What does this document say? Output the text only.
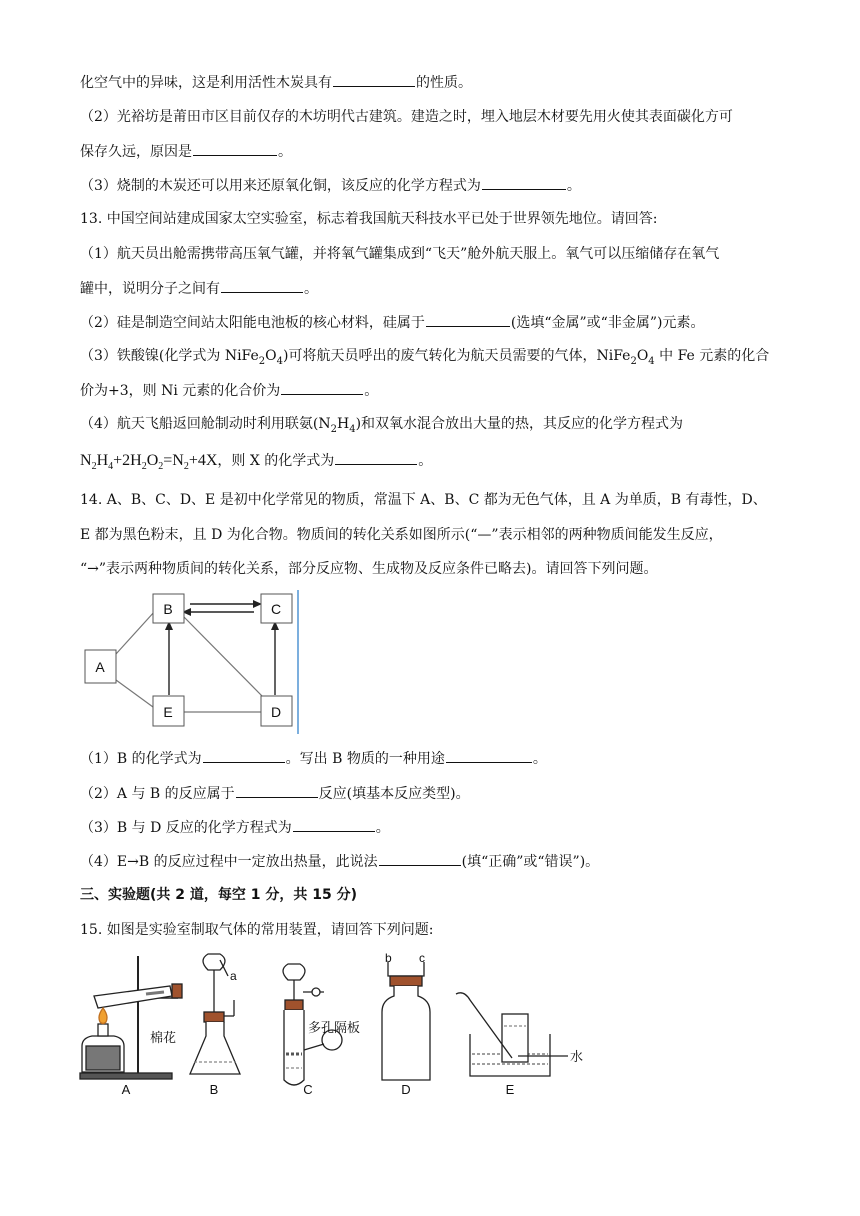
化空气中的异味，这是利用活性木炭具有	的性质。
（2）光裕坊是莆田市区目前仅存的木坊明代古建筑。建造之时，埋入地层木材要先用火使其表面碳化方可
保存久远，原因是	。
（3）烧制的木炭还可以用来还原氧化铜，该反应的化学方程式为	。
13. 中国空间站建成国家太空实验室，标志着我国航天科技水平已处于世界领先地位。请回答:
（1）航天员出舱需携带高压氧气罐，并将氧气罐集成到“飞天”舱外航天服上。氧气可以压缩储存在氧气
罐中，说明分子之间有	。
（2）硅是制造空间站太阳能电池板的核心材料，硅属于	(选填“金属”或“非金属”)元素。
（3）铁酸镍(化学式为 $NiFe_2O_4$)可将航天员呼出的废气转化为航天员需要的气体，$NiFe_2O_4$ 中 Fe 元素的化合
价为+3，则 Ni 元素的化合价为	。
（4）航天飞船返回舱制动时利用联氨$(N_2H_4)$和双氧水混合放出大量的热，其反应的化学方程式为
$N_2H_4+2H_2O_2=N_2+4X$，则 X 的化学式为	。
14. A、B、C、D、E 是初中化学常见的物质，常温下 A、B、C 都为无色气体，且 A 为单质，B 有毒性，D、
E 都为黑色粉末，且 D 为化合物。物质间的转化关系如图所示(“—”表示相邻的两种物质间能发生反应，
“→”表示两种物质间的转化关系，部分反应物、生成物及反应条件已略去)。请回答下列问题。
B	C
A
E	D
（1）B 的化学式为	。写出 B 物质的一种用途	。
（2）A 与 B 的反应属于	反应(填基本反应类型)。
（3）B 与 D 反应的化学方程式为	。
（4）E→B 的反应过程中一定放出热量，此说法	(填“正确”或“错误”)。
三、实验题(共 2 道，每空 1 分，共 15 分)
15. 如图是实验室制取气体的常用装置，请回答下列问题:
棉花
a
多孔隔板
b c
水
A	B	C	D	E
